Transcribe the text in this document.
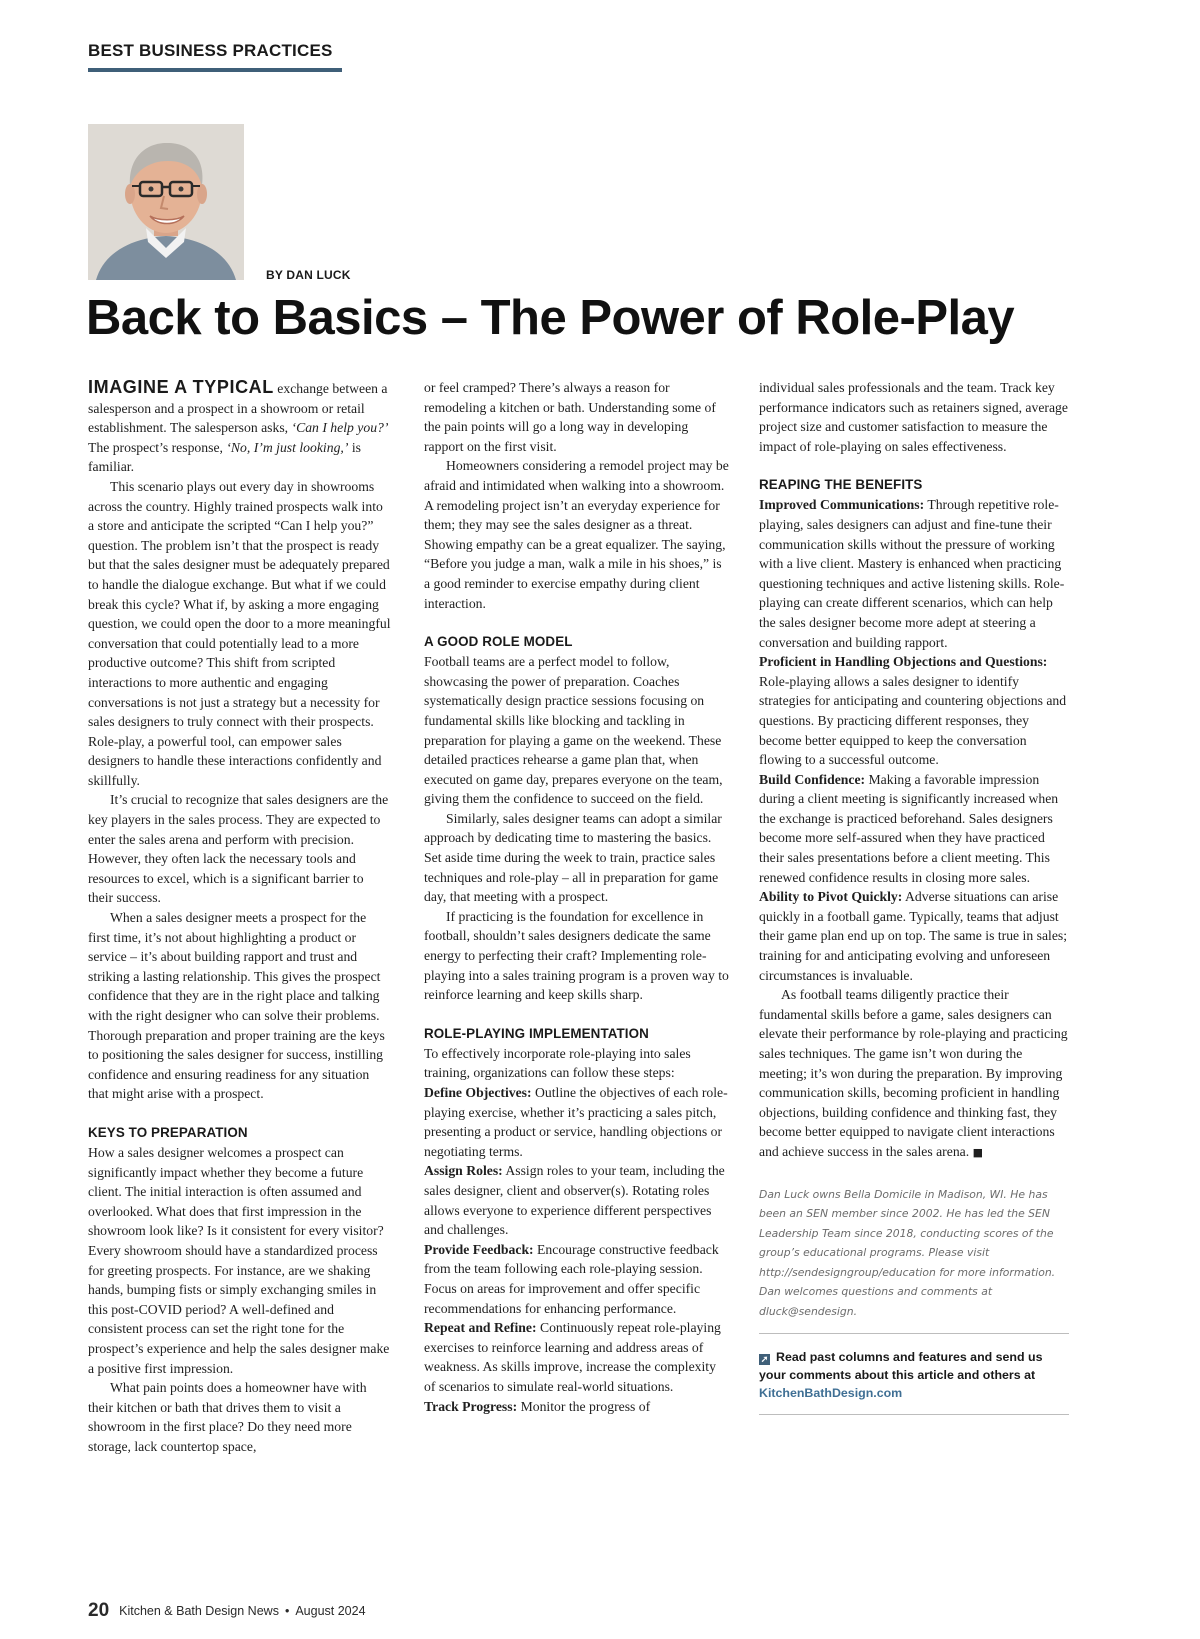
BEST BUSINESS PRACTICES
BY DAN LUCK
Back to Basics – The Power of Role-Play

IMAGINE A TYPICAL exchange between a salesperson and a prospect in a showroom or retail establishment. The salesperson asks, ‘Can I help you?’ The prospect’s response, ‘No, I’m just looking,’ is familiar.

This scenario plays out every day in showrooms across the country. Highly trained prospects walk into a store and anticipate the scripted “Can I help you?” question. The problem isn’t that the prospect is ready but that the sales designer must be adequately prepared to handle the dialogue exchange. But what if we could break this cycle? What if, by asking a more engaging question, we could open the door to a more meaningful conversation that could potentially lead to a more productive outcome? This shift from scripted interactions to more authentic and engaging conversations is not just a strategy but a necessity for sales designers to truly connect with their prospects. Role-play, a powerful tool, can empower sales designers to handle these interactions confidently and skillfully.

It’s crucial to recognize that sales designers are the key players in the sales process. They are expected to enter the sales arena and perform with precision. However, they often lack the necessary tools and resources to excel, which is a significant barrier to their success.

When a sales designer meets a prospect for the first time, it’s not about highlighting a product or service – it’s about building rapport and trust and striking a lasting relationship. This gives the prospect confidence that they are in the right place and talking with the right designer who can solve their problems. Thorough preparation and proper training are the keys to positioning the sales designer for success, instilling confidence and ensuring readiness for any situation that might arise with a prospect.

KEYS TO PREPARATION

How a sales designer welcomes a prospect can significantly impact whether they become a future client. The initial interaction is often assumed and overlooked. What does that first impression in the showroom look like? Is it consistent for every visitor? Every showroom should have a standardized process for greeting prospects. For instance, are we shaking hands, bumping fists or simply exchanging smiles in this post-COVID period? A well-defined and consistent process can set the right tone for the prospect’s experience and help the sales designer make a positive first impression.

What pain points does a homeowner have with their kitchen or bath that drives them to visit a showroom in the first place? Do they need more storage, lack countertop space,

or feel cramped? There’s always a reason for remodeling a kitchen or bath. Understanding some of the pain points will go a long way in developing rapport on the first visit.

Homeowners considering a remodel project may be afraid and intimidated when walking into a showroom. A remodeling project isn’t an everyday experience for them; they may see the sales designer as a threat. Showing empathy can be a great equalizer. The saying, “Before you judge a man, walk a mile in his shoes,” is a good reminder to exercise empathy during client interaction.

A GOOD ROLE MODEL

Football teams are a perfect model to follow, showcasing the power of preparation. Coaches systematically design practice sessions focusing on fundamental skills like blocking and tackling in preparation for playing a game on the weekend. These detailed practices rehearse a game plan that, when executed on game day, prepares everyone on the team, giving them the confidence to succeed on the field.

Similarly, sales designer teams can adopt a similar approach by dedicating time to mastering the basics. Set aside time during the week to train, practice sales techniques and role-play – all in preparation for game day, that meeting with a prospect.

If practicing is the foundation for excellence in football, shouldn’t sales designers dedicate the same energy to perfecting their craft? Implementing role-playing into a sales training program is a proven way to reinforce learning and keep skills sharp.

ROLE-PLAYING IMPLEMENTATION

To effectively incorporate role-playing into sales training, organizations can follow these steps:

Define Objectives: Outline the objectives of each role-playing exercise, whether it’s practicing a sales pitch, presenting a product or service, handling objections or negotiating terms.

Assign Roles: Assign roles to your team, including the sales designer, client and observer(s). Rotating roles allows everyone to experience different perspectives and challenges.

Provide Feedback: Encourage constructive feedback from the team following each role-playing session. Focus on areas for improvement and offer specific recommendations for enhancing performance.

Repeat and Refine: Continuously repeat role-playing exercises to reinforce learning and address areas of weakness. As skills improve, increase the complexity of scenarios to simulate real-world situations.

Track Progress: Monitor the progress of

individual sales professionals and the team. Track key performance indicators such as retainers signed, average project size and customer satisfaction to measure the impact of role-playing on sales effectiveness.

REAPING THE BENEFITS

Improved Communications: Through repetitive role-playing, sales designers can adjust and fine-tune their communication skills without the pressure of working with a live client. Mastery is enhanced when practicing questioning techniques and active listening skills. Role-playing can create different scenarios, which can help the sales designer become more adept at steering a conversation and building rapport.

Proficient in Handling Objections and Questions: Role-playing allows a sales designer to identify strategies for anticipating and countering objections and questions. By practicing different responses, they become better equipped to keep the conversation flowing to a successful outcome.

Build Confidence: Making a favorable impression during a client meeting is significantly increased when the exchange is practiced beforehand. Sales designers become more self-assured when they have practiced their sales presentations before a client meeting. This renewed confidence results in closing more sales.

Ability to Pivot Quickly: Adverse situations can arise quickly in a football game. Typically, teams that adjust their game plan end up on top. The same is true in sales; training for and anticipating evolving and unforeseen circumstances is invaluable.

As football teams diligently practice their fundamental skills before a game, sales designers can elevate their performance by role-playing and practicing sales techniques. The game isn’t won during the meeting; it’s won during the preparation. By improving communication skills, becoming proficient in handling objections, building confidence and thinking fast, they become better equipped to navigate client interactions and achieve success in the sales arena. ■

Dan Luck owns Bella Domicile in Madison, WI. He has been an SEN member since 2002. He has led the SEN Leadership Team since 2018, conducting scores of the group’s educational programs. Please visit http://sendesigngroup/education for more information. Dan welcomes questions and comments at dluck@sendesign.

➚ Read past columns and features and send us your comments about this article and others at KitchenBathDesign.com

20 Kitchen & Bath Design News • August 2024
